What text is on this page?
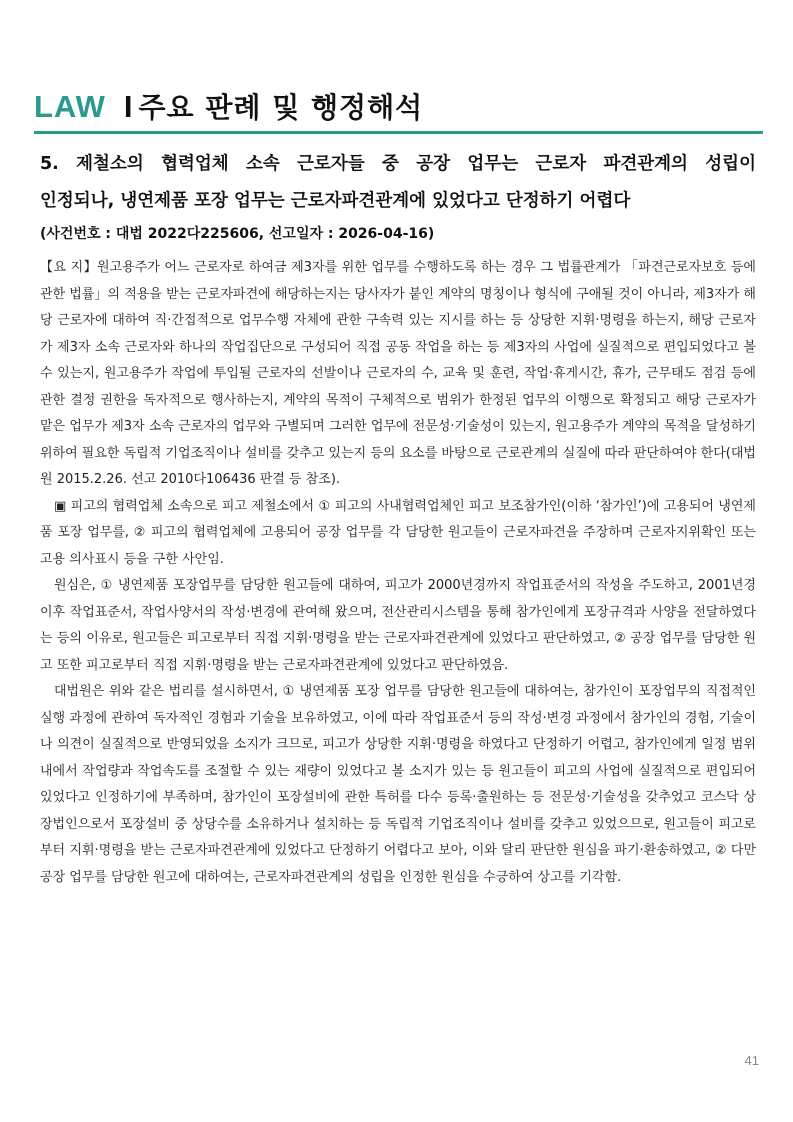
LAW I 주요 판례 및 행정해석
5. 제철소의 협력업체 소속 근로자들 중 공장 업무는 근로자 파견관계의 성립이
인정되나, 냉연제품 포장 업무는 근로자파견관계에 있었다고 단정하기 어렵다
(사건번호 : 대법 2022다225606, 선고일자 : 2026-04-16)

【요 지】원고용주가 어느 근로자로 하여금 제3자를 위한 업무를 수행하도록 하는 경우 그 법률관계가 「파견근로자보호 등에 관한 법률」의 적용을 받는 근로자파견에 해당하는지는 당사자가 붙인 계약의 명칭이나 형식에 구애될 것이 아니라, 제3자가 해당 근로자에 대하여 직·간접적으로 업무수행 자체에 관한 구속력 있는 지시를 하는 등 상당한 지휘·명령을 하는지, 해당 근로자가 제3자 소속 근로자와 하나의 작업집단으로 구성되어 직접 공동 작업을 하는 등 제3자의 사업에 실질적으로 편입되었다고 볼 수 있는지, 원고용주가 작업에 투입될 근로자의 선발이나 근로자의 수, 교육 및 훈련, 작업·휴게시간, 휴가, 근무태도 점검 등에 관한 결정 권한을 독자적으로 행사하는지, 계약의 목적이 구체적으로 범위가 한정된 업무의 이행으로 확정되고 해당 근로자가 맡은 업무가 제3자 소속 근로자의 업무와 구별되며 그러한 업무에 전문성·기술성이 있는지, 원고용주가 계약의 목적을 달성하기 위하여 필요한 독립적 기업조직이나 설비를 갖추고 있는지 등의 요소를 바탕으로 근로관계의 실질에 따라 판단하여야 한다(대법원 2015.2.26. 선고 2010다106436 판결 등 참조).

▣ 피고의 협력업체 소속으로 피고 제철소에서 ① 피고의 사내협력업체인 피고 보조참가인(이하 ‘참가인’)에 고용되어 냉연제품 포장 업무를, ② 피고의 협력업체에 고용되어 공장 업무를 각 담당한 원고들이 근로자파견을 주장하며 근로자지위확인 또는 고용 의사표시 등을 구한 사안임.

원심은, ① 냉연제품 포장업무를 담당한 원고들에 대하여, 피고가 2000년경까지 작업표준서의 작성을 주도하고, 2001년경 이후 작업표준서, 작업사양서의 작성·변경에 관여해 왔으며, 전산관리시스템을 통해 참가인에게 포장규격과 사양을 전달하였다는 등의 이유로, 원고들은 피고로부터 직접 지휘·명령을 받는 근로자파견관계에 있었다고 판단하였고, ② 공장 업무를 담당한 원고 또한 피고로부터 직접 지휘·명령을 받는 근로자파견관계에 있었다고 판단하였음.

대법원은 위와 같은 법리를 설시하면서, ① 냉연제품 포장 업무를 담당한 원고들에 대하여는, 참가인이 포장업무의 직접적인 실행 과정에 관하여 독자적인 경험과 기술을 보유하였고, 이에 따라 작업표준서 등의 작성·변경 과정에서 참가인의 경험, 기술이나 의견이 실질적으로 반영되었을 소지가 크므로, 피고가 상당한 지휘·명령을 하였다고 단정하기 어렵고, 참가인에게 일정 범위 내에서 작업량과 작업속도를 조절할 수 있는 재량이 있었다고 볼 소지가 있는 등 원고들이 피고의 사업에 실질적으로 편입되어 있었다고 인정하기에 부족하며, 참가인이 포장설비에 관한 특허를 다수 등록·출원하는 등 전문성·기술성을 갖추었고 코스닥 상장법인으로서 포장설비 중 상당수를 소유하거나 설치하는 등 독립적 기업조직이나 설비를 갖추고 있었으므로, 원고들이 피고로부터 지휘·명령을 받는 근로자파견관계에 있었다고 단정하기 어렵다고 보아, 이와 달리 판단한 원심을 파기·환송하였고, ② 다만 공장 업무를 담당한 원고에 대하여는, 근로자파견관계의 성립을 인정한 원심을 수긍하여 상고를 기각함.

41
